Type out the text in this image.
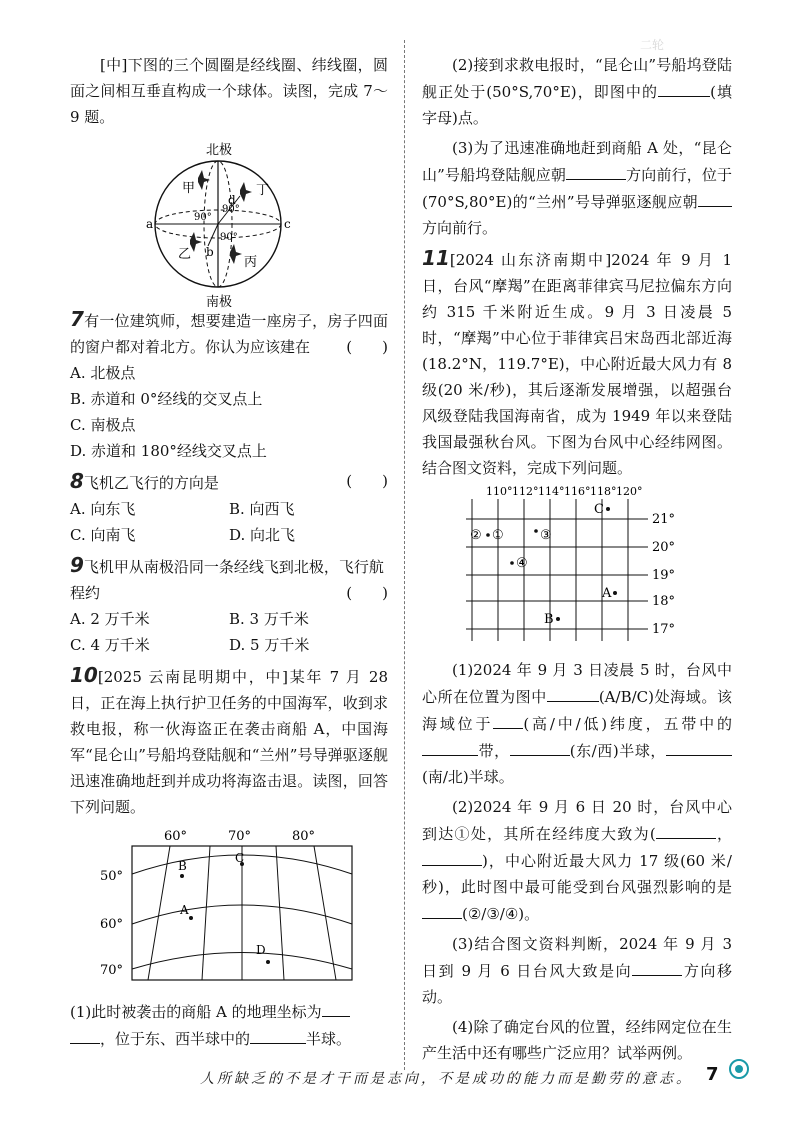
二轮

[中]下图的三个圆圈是经线圈、纬线圈，圆面之间相互垂直构成一个球体。读图，完成 7～9 题。

北极
南极
甲
乙
丙
丁
a
b
c
d
90°
90°
90°

7有一位建筑师，想要建造一座房子，房子四面的窗户都对着北方。你认为应该建在 (　　)

A. 北极点
B. 赤道和 0°经线的交叉点上
C. 南极点
D. 赤道和 180°经线交叉点上

8飞机乙飞行的方向是	(　　)

A. 向东飞	B. 向西飞
C. 向南飞	D. 向北飞

9飞机甲从南极沿同一条经线飞到北极，飞行航

程约	(　　)

A. 2 万千米	B. 3 万千米
C. 4 万千米	D. 5 万千米

10[2025 云南昆明期中，中]某年 7 月 28 日，正在海上执行护卫任务的中国海军，收到求救电报，称一伙海盗正在袭击商船 A，中国海军“昆仑山”号船坞登陆舰和“兰州”号导弹驱逐舰迅速准确地赶到并成功将海盗击退。读图，回答下列问题。

60°	70°	80°
50°
60°
70°
A
B
C
D

(1)此时被袭击的商船 A 的地理坐标为

，位于东、西半球中的	半球。

(2)接到求救电报时，“昆仑山”号船坞登陆舰正处于(50°S,70°E)，即图中的	(填字母)点。

(3)为了迅速准确地赶到商船 A 处，“昆仑山”号船坞登陆舰应朝	方向前行，位于(70°S,80°E)的“兰州”号导弹驱逐舰应朝方向前行。

11[2024 山东济南期中]2024 年 9 月 1 日，台风“摩羯”在距离菲律宾马尼拉偏东方向约 315 千米附近生成。9 月 3 日凌晨 5 时，“摩羯”中心位于菲律宾吕宋岛西北部近海(18.2°N，119.7°E)，中心附近最大风力有 8 级(20 米/秒)，其后逐渐发展增强，以超强台风级登陆我国海南省，成为 1949 年以来登陆我国最强秋台风。下图为台风中心经纬网图。结合图文资料，完成下列问题。

110° 112° 114° 116° 118° 120°
21°
20°
19°
18°
17°
A
B
C
② ①	③
④

(1)2024 年 9 月 3 日凌晨 5 时，台风中心所在位置为图中	(A/B/C)处海域。该海域位于 (高/中/低)纬度，五带中的带，	(东/西)半球，(南/北)半球。

(2)2024 年 9 月 6 日 20 时，台风中心到达①处，其所在经纬度大致为(	，)，中心附近最大风力 17 级(60 米/秒)，此时图中最可能受到台风强烈影响的是(②/③/④)。

(3)结合图文资料判断，2024 年 9 月 3 日到 9 月 6 日台风大致是向	方向移动。

(4)除了确定台风的位置，经纬网定位在生产生活中还有哪些广泛应用？试举两例。

人所缺乏的不是才干而是志向，不是成功的能力而是勤劳的意志。 7
